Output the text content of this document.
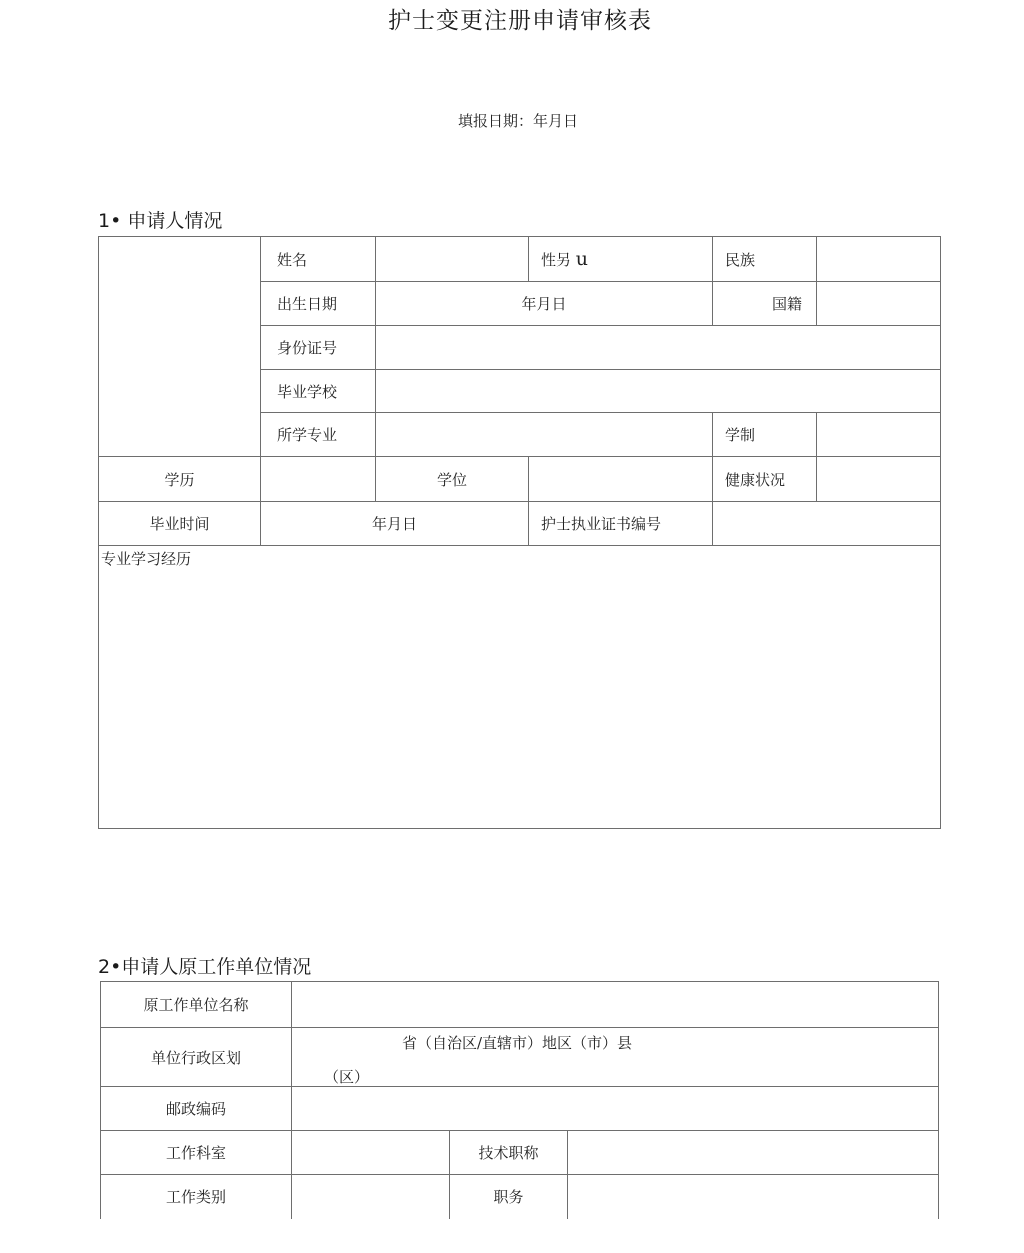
护士变更注册申请审核表
填报日期：年月日
1• 申请人情况
	姓名		性另 u	民族	
	出生日期	年月日		国籍	
	身份证号				
	毕业学校				
	所学专业			学制	
学历		学位		健康状况	
毕业时间	年月日		护士执业证书编号		
专业学习经历					
2•申请人原工作单位情况
原工作单位名称			
单位行政区划	省（自治区/直辖市）地区（市）县
（区）		

邮政编码			
工作科室		技术职称	
工作类别		职务	
